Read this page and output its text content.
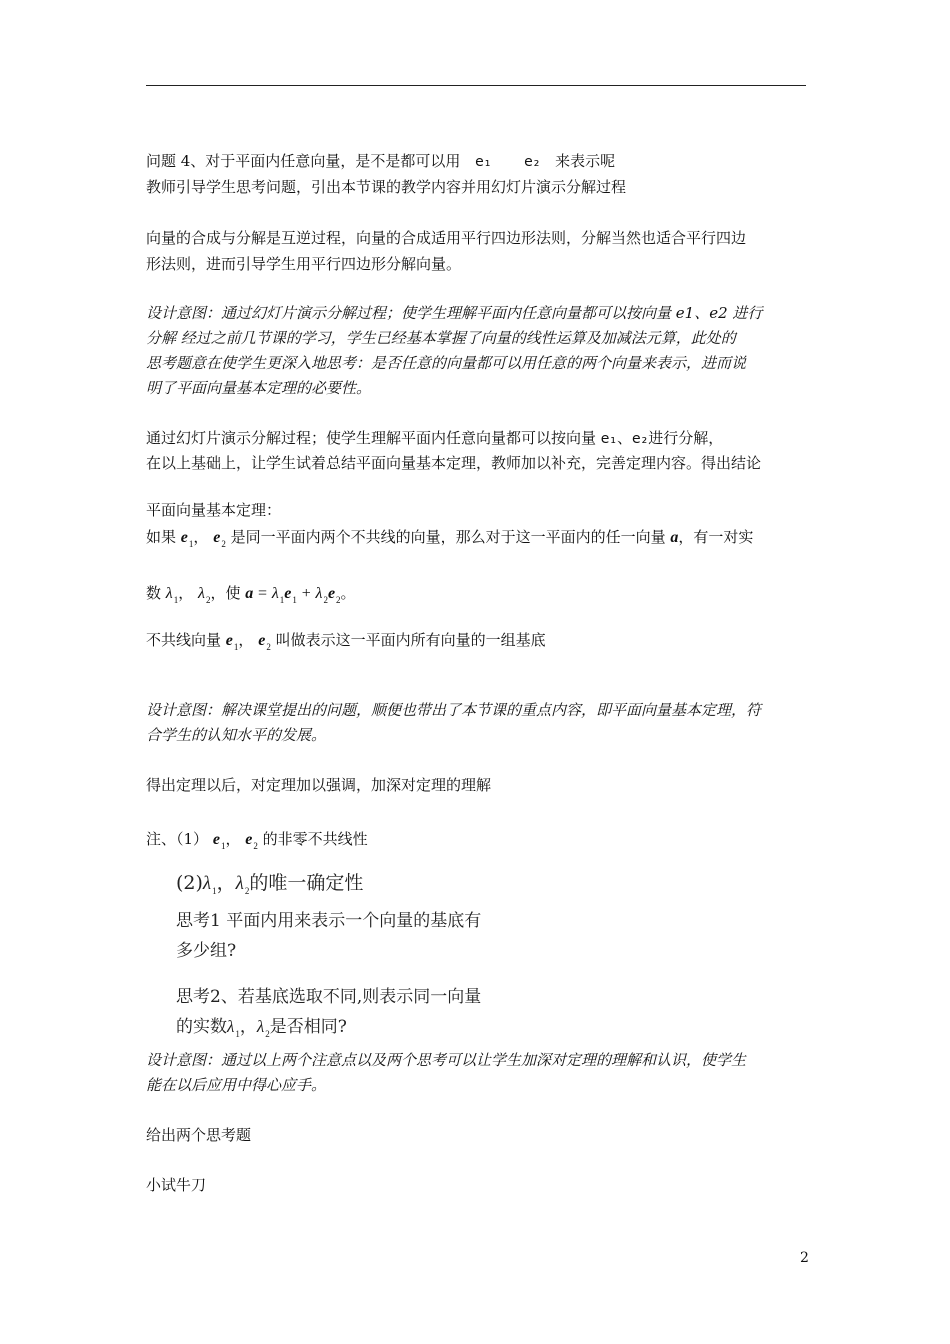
问题 4、对于平面内任意向量，是不是都可以用 e₁ e₂ 来表示呢
教师引导学生思考问题，引出本节课的教学内容并用幻灯片演示分解过程
向量的合成与分解是互逆过程，向量的合成适用平行四边形法则，分解当然也适合平行四边
形法则，进而引导学生用平行四边形分解向量。
设计意图：通过幻灯片演示分解过程；使学生理解平面内任意向量都可以按向量 e1、e2 进行
分解 经过之前几节课的学习，学生已经基本掌握了向量的线性运算及加减法元算，此处的
思考题意在使学生更深入地思考：是否任意的向量都可以用任意的两个向量来表示，进而说
明了平面向量基本定理的必要性。
通过幻灯片演示分解过程；使学生理解平面内任意向量都可以按向量 e₁、e₂进行分解，
在以上基础上，让学生试着总结平面向量基本定理，教师加以补充，完善定理内容。得出结论
平面向量基本定理：
如果 $e_1$， $e_2$ 是同一平面内两个不共线的向量，那么对于这一平面内的任一向量 a，有一对实
数 $\lambda_1$， $\lambda_2$，使 $a = \lambda_1e_1 + \lambda_2e_2$。
不共线向量 $e_1$， $e_2$ 叫做表示这一平面内所有向量的一组基底
设计意图：解决课堂提出的问题，顺便也带出了本节课的重点内容，即平面向量基本定理，符
合学生的认知水平的发展。
得出定理以后，对定理加以强调，加深对定理的理解
注、（1） $e_1$， $e_2$ 的非零不共线性
$(2)\lambda_1$，$\lambda_2$的唯一确定性
思考1 平面内用来表示一个向量的基底有
多少组?
思考2、若基底选取不同,则表示同一向量
的实数$\lambda_1$，$\lambda_2$是否相同?
设计意图：通过以上两个注意点以及两个思考可以让学生加深对定理的理解和认识，使学生
能在以后应用中得心应手。
给出两个思考题
小试牛刀
2
